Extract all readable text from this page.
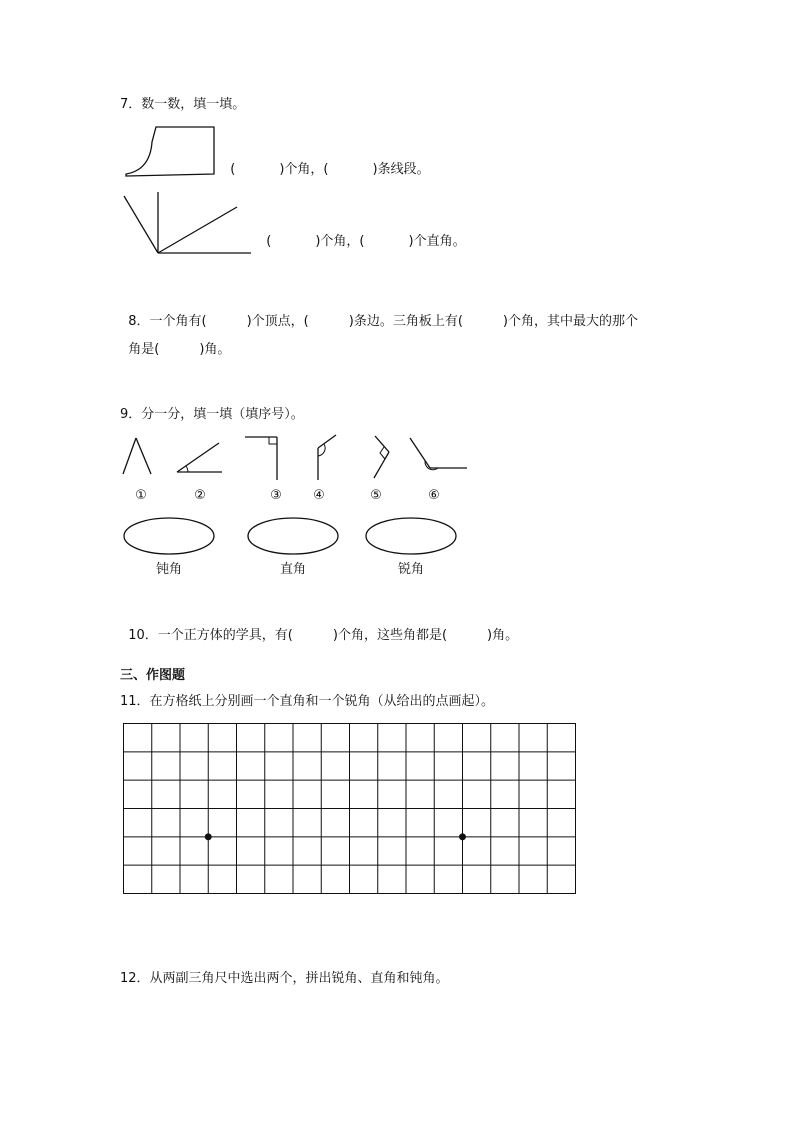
7．数一数，填一填。

(	)个角，(	)条线段。

(	)个角，(	)个直角。

8．一个角有(	)个顶点，(	)条边。三角板上有(	)个角，其中最大的那个

角是(	)角。

9．分一分，填一填（填序号）。
①	②	③	④	⑤	⑥
钝角	直角	锐角

10．一个正方体的学具，有(	)个角，这些角都是(	)角。

三、作图题
11．在方格纸上分别画一个直角和一个锐角（从给出的点画起）。
12．从两副三角尺中选出两个，拼出锐角、直角和钝角。
